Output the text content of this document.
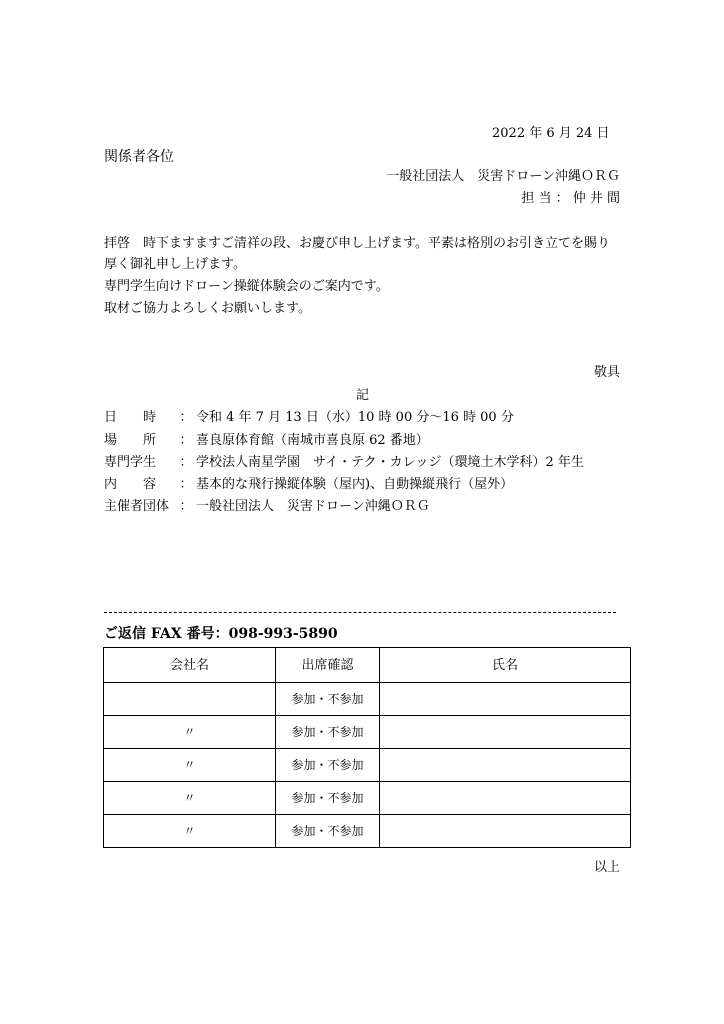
2022 年 6 月 24 日
関係者各位
一般社団法人　災害ドローン沖縄ＯＲＧ
担 当 ： 仲 井 間
拝啓　時下ますますご清祥の段、お慶び申し上げます。平素は格別のお引き立てを賜り
厚く御礼申し上げます。
専門学生向けドローン操縦体験会のご案内です。
取材ご協力よろしくお願いします。
敬具
記
日　　時 ： 令和 4 年 7 月 13 日（水）10 時 00 分～16 時 00 分
場　　所 ： 喜良原体育館（南城市喜良原 62 番地）
専門学生 ： 学校法人南星学園　サイ・テク・カレッジ（環境土木学科）2 年生
内　　容 ： 基本的な飛行操縦体験（屋内)、自動操縦飛行（屋外）
主催者団体 ： 一般社団法人　災害ドローン沖縄ＯＲＧ
ご返信 FAX 番号：098-993-5890
会社名	出席確認	氏名
	参加・不参加	
〃	参加・不参加	
〃	参加・不参加	
〃	参加・不参加	
〃	参加・不参加	
以上
